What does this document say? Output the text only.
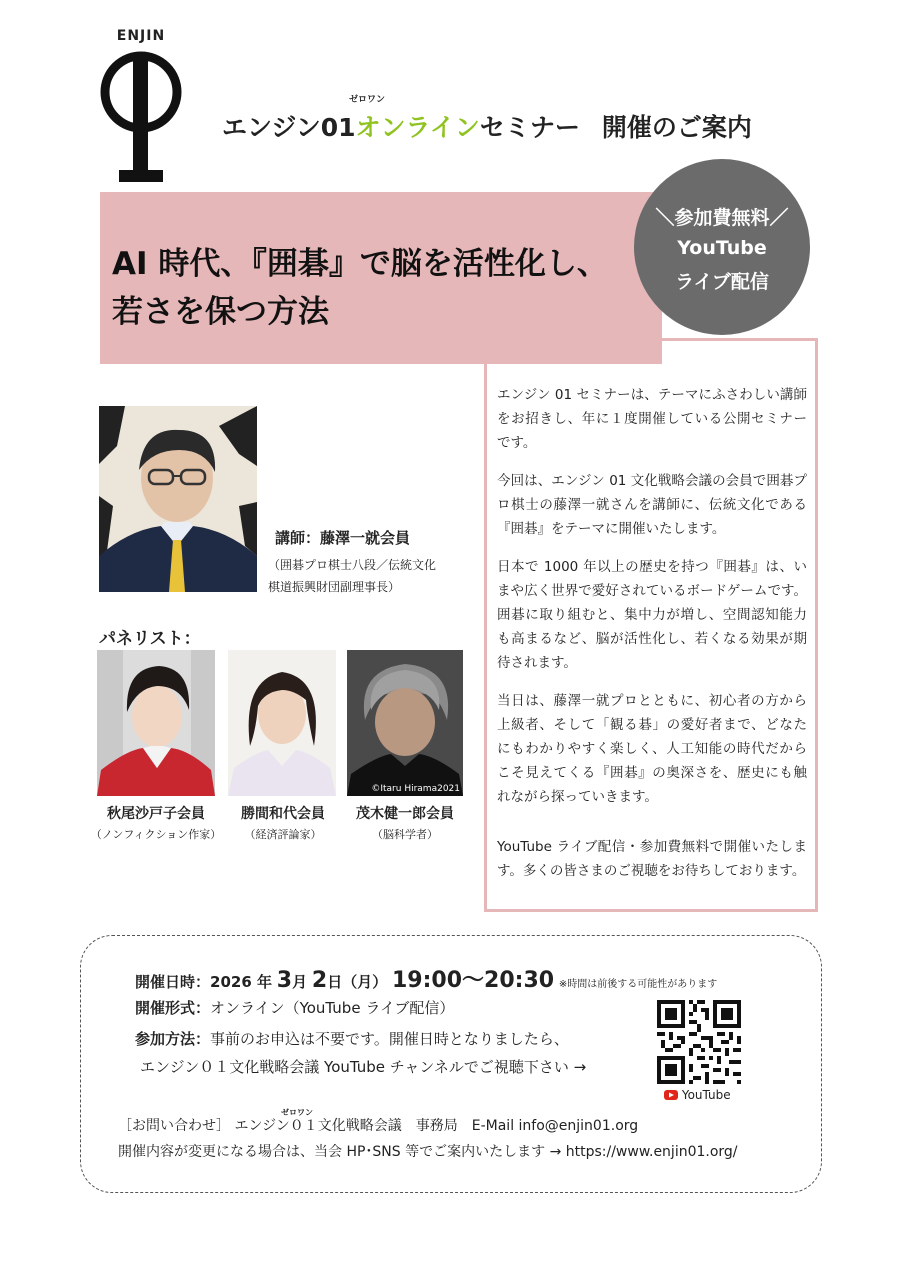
ENJIN
ゼロワン
エンジン01オンラインセミナー 開催のご案内
AI 時代、『囲碁』で脳を活性化し、
若さを保つ方法
＼参加費無料／
YouTube
ライブ配信

エンジン 01 セミナーは、テーマにふさわしい講師をお招きし、年に１度開催している公開セミナーです。

今回は、エンジン 01 文化戦略会議の会員で囲碁プロ棋士の藤澤一就さんを講師に、伝統文化である『囲碁』をテーマに開催いたします。

日本で 1000 年以上の歴史を持つ『囲碁』は、いまや広く世界で愛好されているボードゲームです。囲碁に取り組むと、集中力が増し、空間認知能力も高まるなど、脳が活性化し、若くなる効果が期待されます。

当日は、藤澤一就プロとともに、初心者の方から上級者、そして「観る碁」の愛好者まで、どなたにもわかりやすく楽しく、人工知能の時代だからこそ見えてくる『囲碁』の奥深さを、歴史にも触れながら探っていきます。

YouTube ライブ配信・参加費無料で開催いたします。多くの皆さまのご視聴をお待ちしております。

講師：藤澤一就会員
（囲碁プロ棋士八段／伝統文化
棋道振興財団副理事長）
パネリスト：
©Itaru Hirama2021
秋尾沙戸子会員
（ノンフィクション作家）
勝間和代会員
（経済評論家）
茂木健一郎会員
（脳科学者）
開催日時：2026 年 3月 2日（月） 19:00～20:30 ※時間は前後する可能性があります
開催形式：オンライン（YouTube ライブ配信）
参加方法：事前のお申込は不要です。開催日時となりましたら、
エンジン０１文化戦略会議 YouTube チャンネルでご視聴下さい →
YouTube
ゼロワン
［お問い合わせ］ エンジン０１文化戦略会議　事務局　E-Mail info@enjin01.org
開催内容が変更になる場合は、当会 HP･SNS 等でご案内いたします → https://www.enjin01.org/
